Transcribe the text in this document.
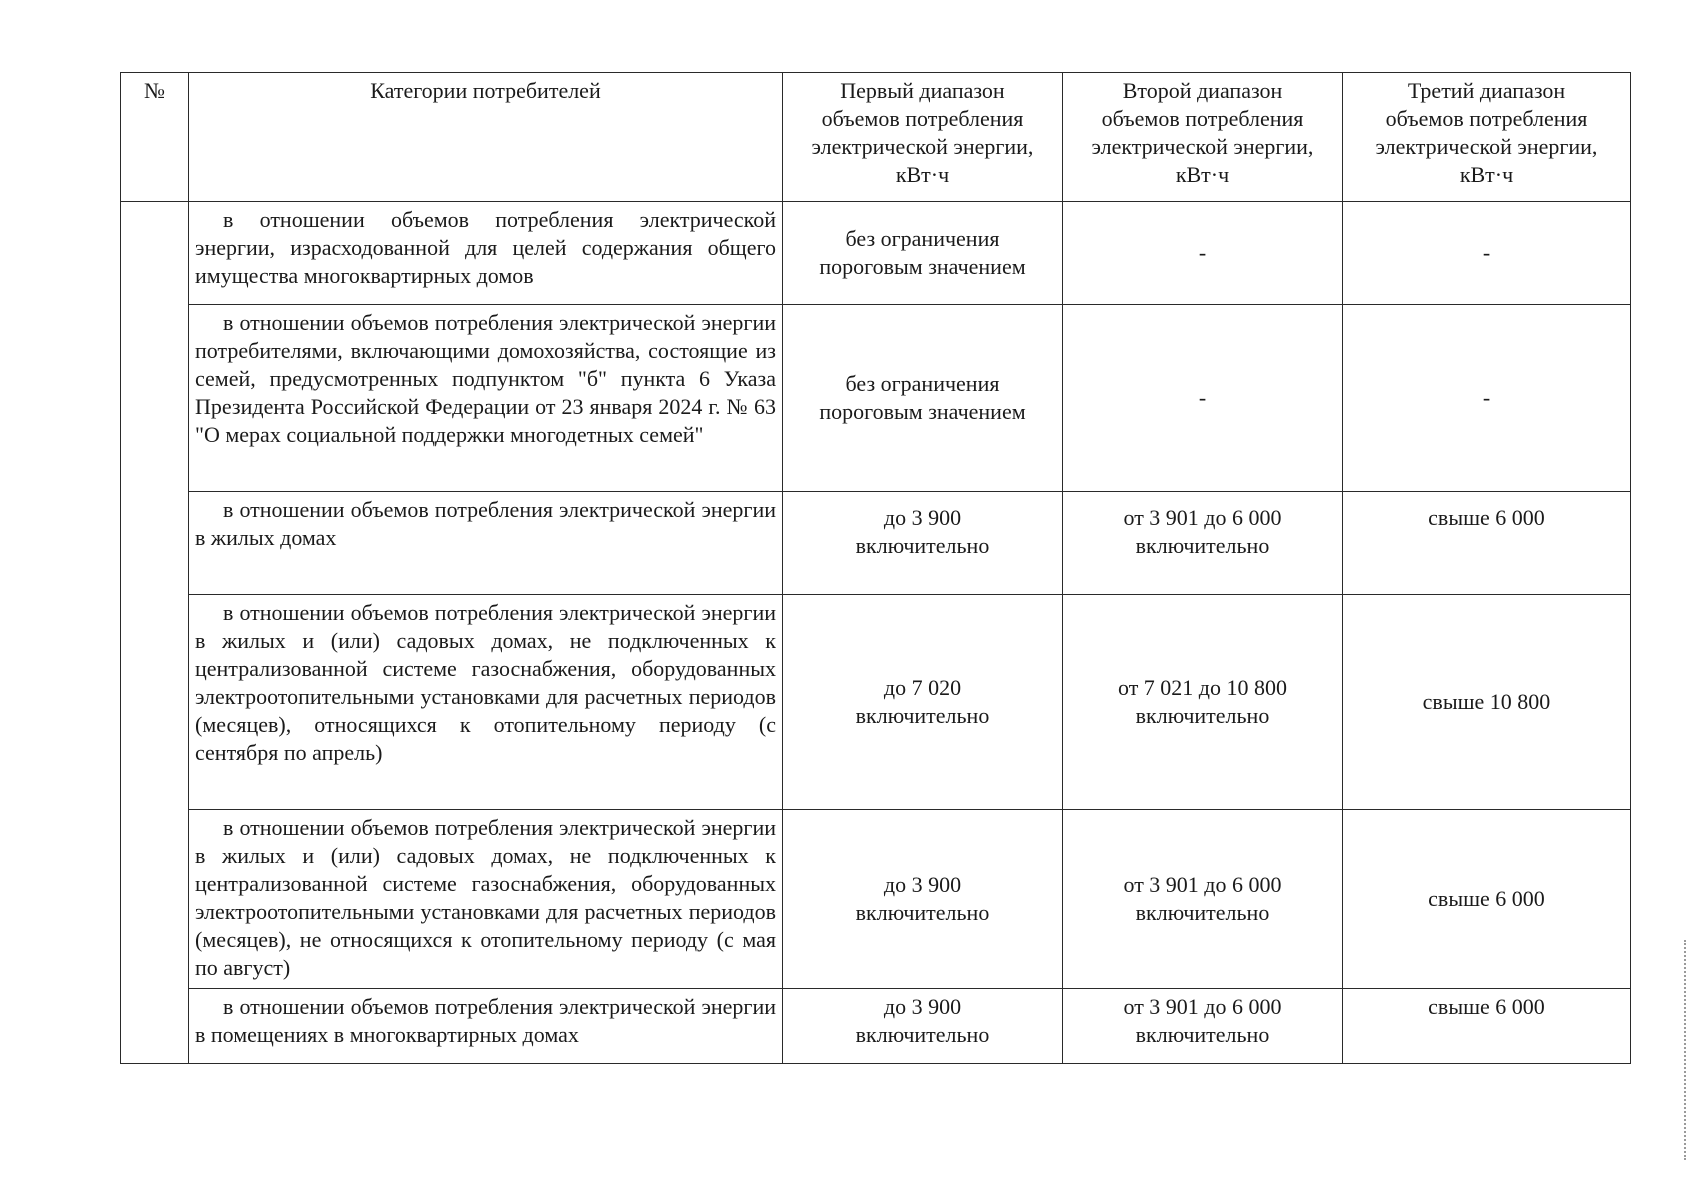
№	Категории потребителей	Первый диапазон
объемов потребления
электрической энергии,
кВт·ч	Второй диапазон
объемов потребления
электрической энергии,
кВт·ч	Третий диапазон
объемов потребления
электрической энергии,
кВт·ч

	в отношении объемов потребления электрической энергии, израсходованной для целей содержания общего имущества многоквартирных домов	без ограничения
пороговым значением	-	-
	в отношении объемов потребления электрической энергии потребителями, включающими домохозяйства, состоящие из семей, предусмотренных подпунктом "б" пункта 6 Указа Президента Российской Федерации от 23 января 2024 г. № 63 "О мерах социальной поддержки многодетных семей"	без ограничения
пороговым значением	-	-
	в отношении объемов потребления электрической энергии в жилых домах	до 3 900
включительно	от 3 901 до 6 000
включительно	свыше 6 000
	в отношении объемов потребления электрической энергии в жилых и (или) садовых домах, не подключенных к централизованной системе газоснабжения, оборудованных электроотопительными установками для расчетных периодов (месяцев), относящихся к отопительному периоду (с сентября по апрель)	до 7 020
включительно	от 7 021 до 10 800
включительно	свыше 10 800
	в отношении объемов потребления электрической энергии в жилых и (или) садовых домах, не подключенных к централизованной системе газоснабжения, оборудованных электроотопительными установками для расчетных периодов (месяцев), не относящихся к отопительному периоду (с мая по август)	до 3 900
включительно	от 3 901 до 6 000
включительно	свыше 6 000
	в отношении объемов потребления электрической энергии в помещениях в многоквартирных домах	до 3 900
включительно	от 3 901 до 6 000
включительно	свыше 6 000
